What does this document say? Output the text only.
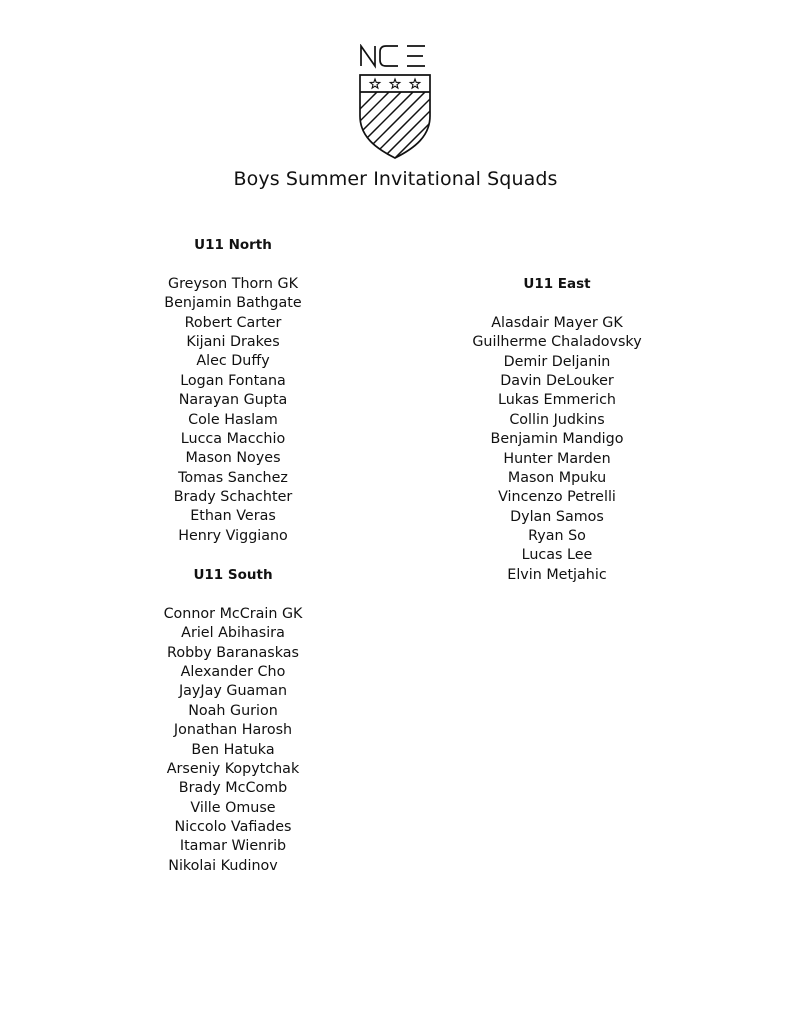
Boys Summer Invitational Squads
U11 North
Greyson Thorn GK
Benjamin Bathgate
Robert Carter
Kijani Drakes
Alec Duffy
Logan Fontana
Narayan Gupta
Cole Haslam
Lucca Macchio
Mason Noyes
Tomas Sanchez
Brady Schachter
Ethan Veras
Henry Viggiano
U11 South
Connor McCrain GK
Ariel Abihasira
Robby Baranaskas
Alexander Cho
JayJay Guaman
Noah Gurion
Jonathan Harosh
Ben Hatuka
Arseniy Kopytchak
Brady McComb
Ville Omuse
Niccolo Vafiades
Itamar Wienrib
Nikolai Kudinov
U11 East
Alasdair Mayer GK
Guilherme Chaladovsky
Demir Deljanin
Davin DeLouker
Lukas Emmerich
Collin Judkins
Benjamin Mandigo
Hunter Marden
Mason Mpuku
Vincenzo Petrelli
Dylan Samos
Ryan So
Lucas Lee
Elvin Metjahic
